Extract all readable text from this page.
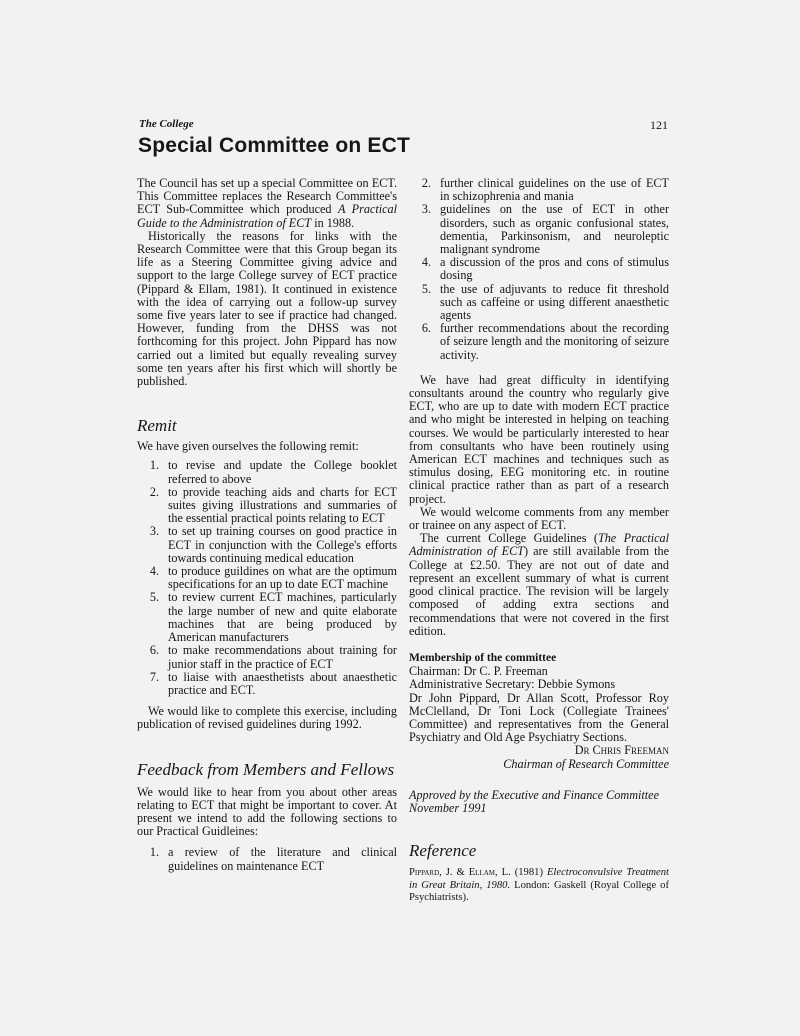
The College	121
Special Committee on ECT

The Council has set up a special Committee on ECT. This Committee replaces the Research Committee's ECT Sub-Committee which produced A Practical Guide to the Administration of ECT in 1988.

Historically the reasons for links with the Research Committee were that this Group began its life as a Steering Committee giving advice and support to the large College survey of ECT practice (Pippard & Ellam, 1981). It continued in existence with the idea of carrying out a follow-up survey some five years later to see if practice had changed. However, funding from the DHSS was not forthcoming for this project. John Pippard has now carried out a limited but equally revealing survey some ten years after his first which will shortly be published.

Remit

We have given ourselves the following remit:

1. to revise and update the College booklet referred to above
2. to provide teaching aids and charts for ECT suites giving illustrations and summaries of the essential practical points relating to ECT
3. to set up training courses on good practice in ECT in conjunction with the College's efforts towards continuing medical education
4. to produce guildines on what are the optimum specifications for an up to date ECT machine
5. to review current ECT machines, particularly the large number of new and quite elaborate machines that are being produced by American manufacturers
6. to make recommendations about training for junior staff in the practice of ECT
7. to liaise with anaesthetists about anaesthetic practice and ECT.

We would like to complete this exercise, including publication of revised guidelines during 1992.

Feedback from Members and Fellows

We would like to hear from you about other areas relating to ECT that might be important to cover. At present we intend to add the following sections to our Practical Guidleines:

1. a review of the literature and clinical guidelines on maintenance ECT
2. further clinical guidelines on the use of ECT in schizophrenia and mania
3. guidelines on the use of ECT in other disorders, such as organic confusional states, dementia, Parkinsonism, and neuroleptic malignant syndrome
4. a discussion of the pros and cons of stimulus dosing
5. the use of adjuvants to reduce fit threshold such as caffeine or using different anaesthetic agents
6. further recommendations about the recording of seizure length and the monitoring of seizure activity.

We have had great difficulty in identifying consultants around the country who regularly give ECT, who are up to date with modern ECT practice and who might be interested in helping on teaching courses. We would be particularly interested to hear from consultants who have been routinely using American ECT machines and techniques such as stimulus dosing, EEG monitoring etc. in routine clinical practice rather than as part of a research project.

We would welcome comments from any member or trainee on any aspect of ECT.

The current College Guidelines (The Practical Administration of ECT) are still available from the College at £2.50. They are not out of date and represent an excellent summary of what is current good clinical practice. The revision will be largely composed of adding extra sections and recommendations that were not covered in the first edition.

Membership of the committee
Chairman: Dr C. P. Freeman
Administrative Secretary: Debbie Symons

Dr John Pippard, Dr Allan Scott, Professor Roy McClelland, Dr Toni Lock (Collegiate Trainees' Committee) and representatives from the General Psychiatry and Old Age Psychiatry Sections.

Dr Chris Freeman
Chairman of Research Committee
Approved by the Executive and Finance Committee
November 1991
Reference
Pippard, J. & Ellam, L. (1981) Electroconvulsive Treatment in Great Britain, 1980. London: Gaskell (Royal College of Psychiatrists).
